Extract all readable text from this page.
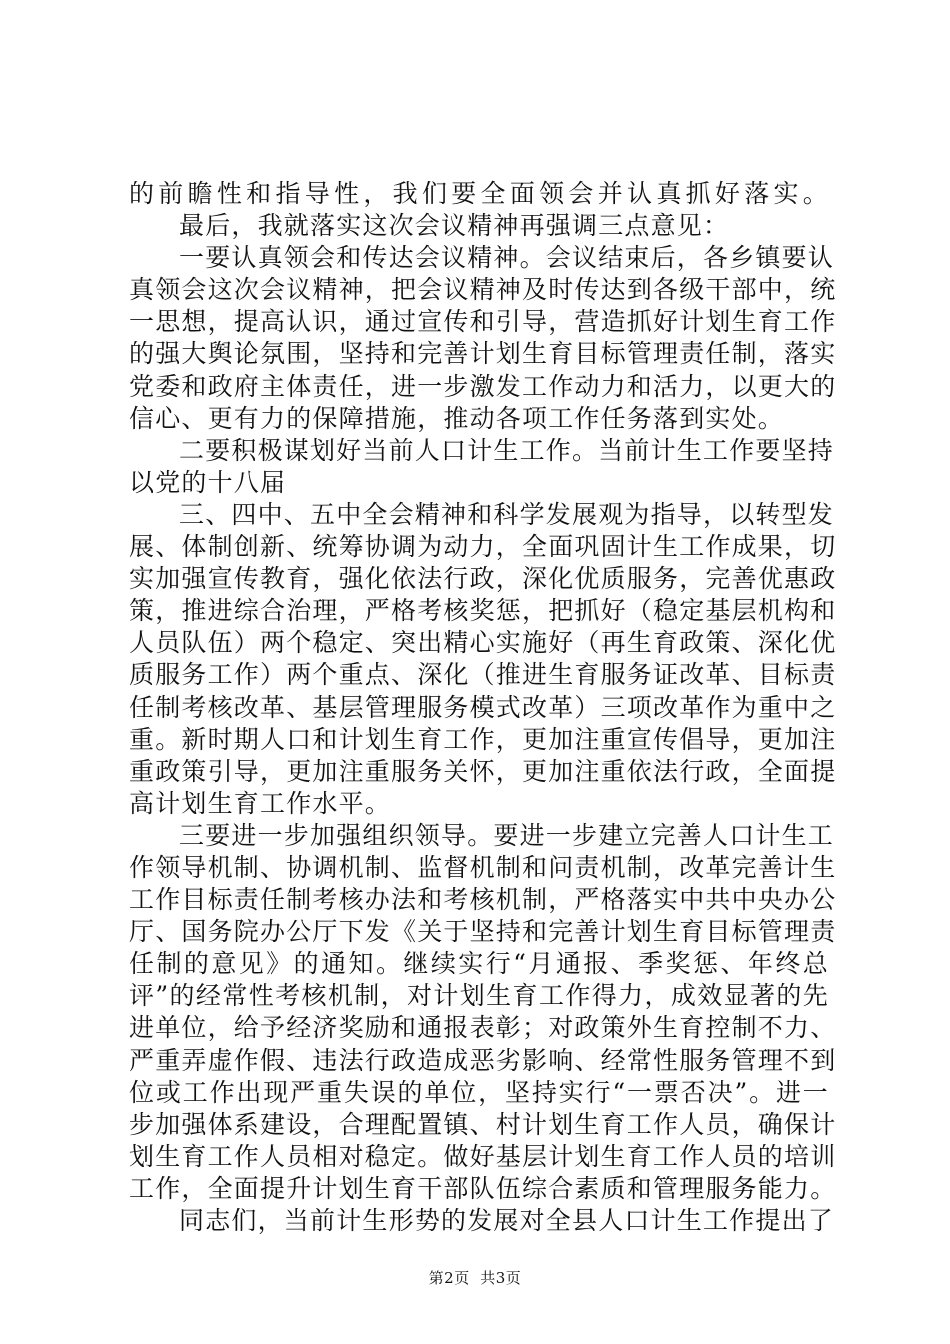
的前瞻性和指导性，我们要全面领会并认真抓好落实。
最后，我就落实这次会议精神再强调三点意见：
一要认真领会和传达会议精神。会议结束后，各乡镇要认
真领会这次会议精神，把会议精神及时传达到各级干部中，统
一思想，提高认识，通过宣传和引导，营造抓好计划生育工作
的强大舆论氛围，坚持和完善计划生育目标管理责任制，落实
党委和政府主体责任，进一步激发工作动力和活力，以更大的
信心、更有力的保障措施，推动各项工作任务落到实处。
二要积极谋划好当前人口计生工作。当前计生工作要坚持
以党的十八届
三、四中、五中全会精神和科学发展观为指导，以转型发
展、体制创新、统筹协调为动力，全面巩固计生工作成果，切
实加强宣传教育，强化依法行政，深化优质服务，完善优惠政
策，推进综合治理，严格考核奖惩，把抓好（稳定基层机构和
人员队伍）两个稳定、突出精心实施好（再生育政策、深化优
质服务工作）两个重点、深化（推进生育服务证改革、目标责
任制考核改革、基层管理服务模式改革）三项改革作为重中之
重。新时期人口和计划生育工作，更加注重宣传倡导，更加注
重政策引导，更加注重服务关怀，更加注重依法行政，全面提
高计划生育工作水平。
三要进一步加强组织领导。要进一步建立完善人口计生工
作领导机制、协调机制、监督机制和问责机制，改革完善计生
工作目标责任制考核办法和考核机制，严格落实中共中央办公
厅、国务院办公厅下发《关于坚持和完善计划生育目标管理责
任制的意见》的通知。继续实行“月通报、季奖惩、年终总
评”的经常性考核机制，对计划生育工作得力，成效显著的先
进单位，给予经济奖励和通报表彰；对政策外生育控制不力、
严重弄虚作假、违法行政造成恶劣影响、经常性服务管理不到
位或工作出现严重失误的单位，坚持实行“一票否决”。进一
步加强体系建设，合理配置镇、村计划生育工作人员，确保计
划生育工作人员相对稳定。做好基层计划生育工作人员的培训
工作，全面提升计划生育干部队伍综合素质和管理服务能力。
同志们，当前计生形势的发展对全县人口计生工作提出了
第2页 共3页
